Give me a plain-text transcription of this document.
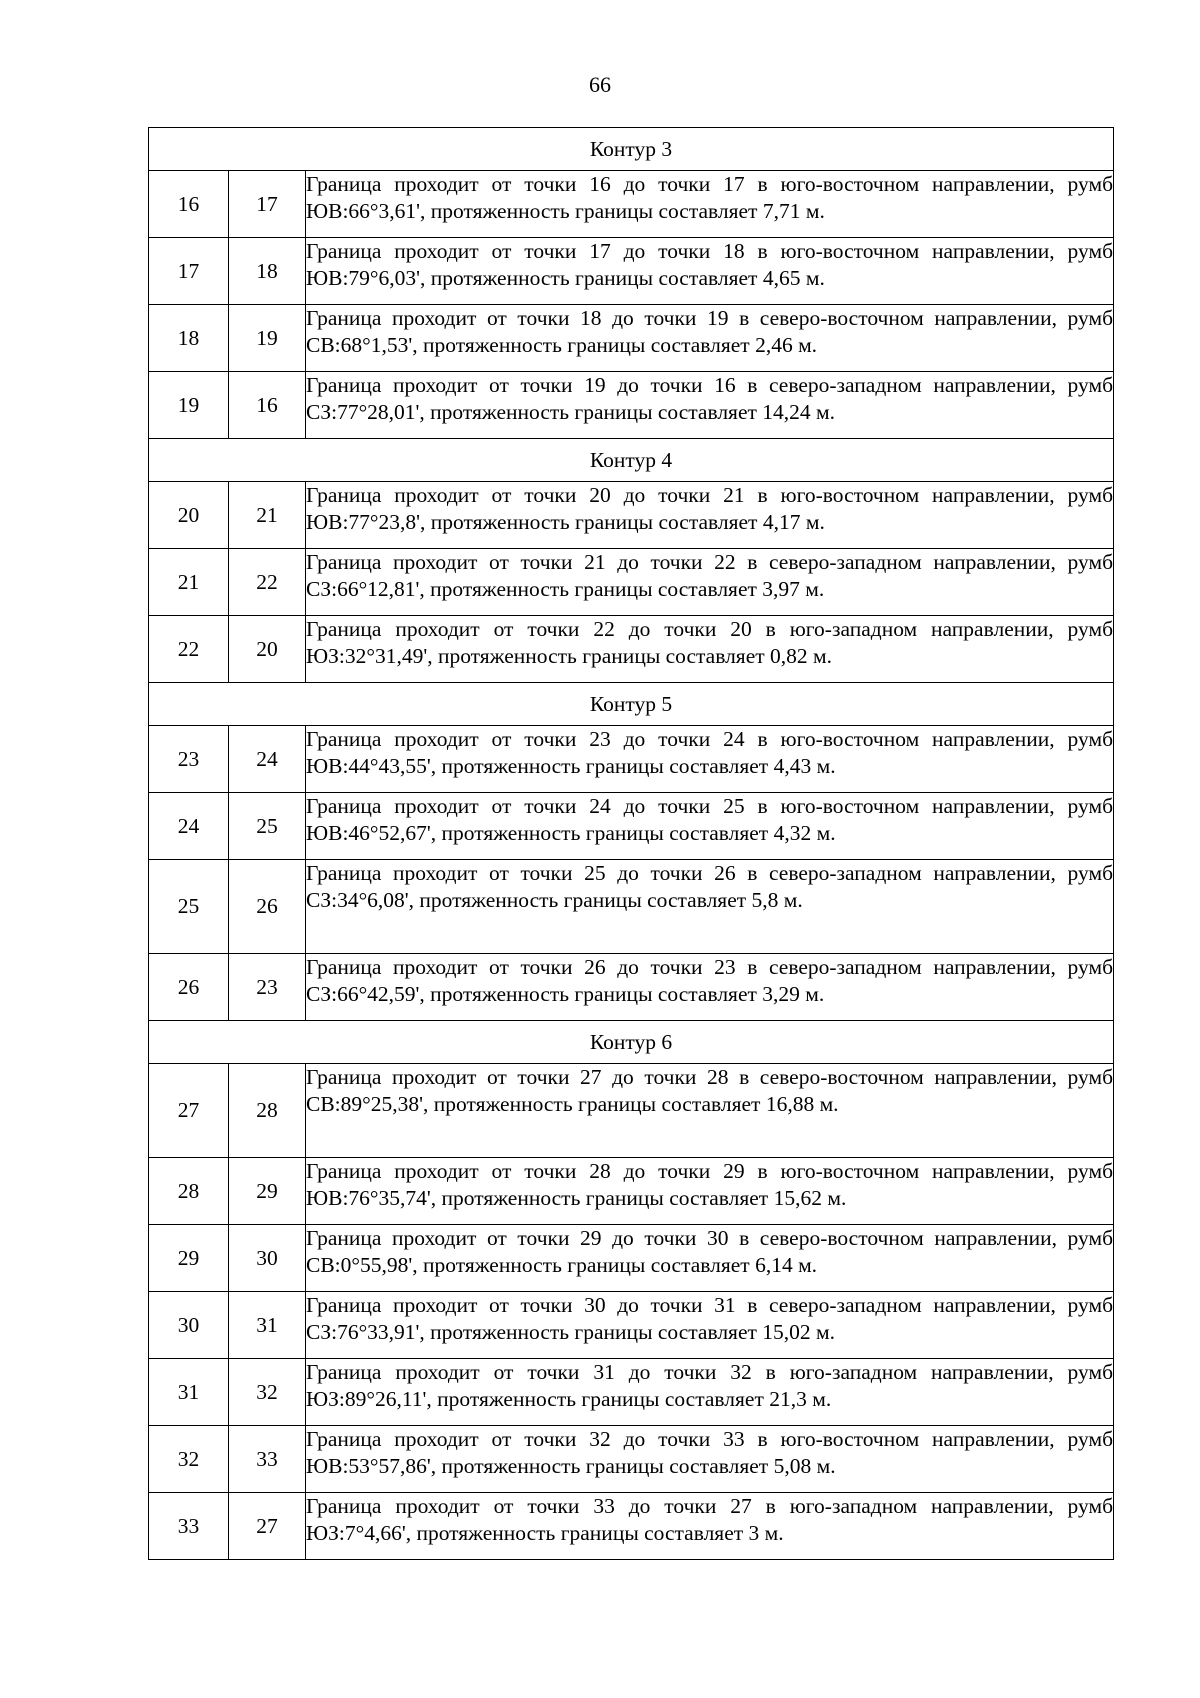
66
Контур 3		
16	17	Граница проходит от точки 16 до точки 17 в юго-восточном направлении, румб ЮВ:66°3,61', протяженность границы составляет 7,71 м.

17	18	Граница проходит от точки 17 до точки 18 в юго-восточном направлении, румб ЮВ:79°6,03', протяженность границы составляет 4,65 м.

18	19	Граница проходит от точки 18 до точки 19 в северо-восточном направлении, румб СВ:68°1,53', протяженность границы составляет 2,46 м.

19	16	Граница проходит от точки 19 до точки 16 в северо-западном направлении, румб СЗ:77°28,01', протяженность границы составляет 14,24 м.

Контур 4		
20	21	Граница проходит от точки 20 до точки 21 в юго-восточном направлении, румб ЮВ:77°23,8', протяженность границы составляет 4,17 м.

21	22	Граница проходит от точки 21 до точки 22 в северо-западном направлении, румб СЗ:66°12,81', протяженность границы составляет 3,97 м.

22	20	Граница проходит от точки 22 до точки 20 в юго-западном направлении, румб ЮЗ:32°31,49', протяженность границы составляет 0,82 м.

Контур 5		
23	24	Граница проходит от точки 23 до точки 24 в юго-восточном направлении, румб ЮВ:44°43,55', протяженность границы составляет 4,43 м.

24	25	Граница проходит от точки 24 до точки 25 в юго-восточном направлении, румб ЮВ:46°52,67', протяженность границы составляет 4,32 м.

25	26	Граница проходит от точки 25 до точки 26 в северо-западном направлении, румб СЗ:34°6,08', протяженность границы составляет 5,8 м.

26	23	Граница проходит от точки 26 до точки 23 в северо-западном направлении, румб СЗ:66°42,59', протяженность границы составляет 3,29 м.

Контур 6		
27	28	Граница проходит от точки 27 до точки 28 в северо-восточном направлении, румб СВ:89°25,38', протяженность границы составляет 16,88 м.

28	29	Граница проходит от точки 28 до точки 29 в юго-восточном направлении, румб ЮВ:76°35,74', протяженность границы составляет 15,62 м.

29	30	Граница проходит от точки 29 до точки 30 в северо-восточном направлении, румб СВ:0°55,98', протяженность границы составляет 6,14 м.

30	31	Граница проходит от точки 30 до точки 31 в северо-западном направлении, румб СЗ:76°33,91', протяженность границы составляет 15,02 м.

31	32	Граница проходит от точки 31 до точки 32 в юго-западном направлении, румб ЮЗ:89°26,11', протяженность границы составляет 21,3 м.

32	33	Граница проходит от точки 32 до точки 33 в юго-восточном направлении, румб ЮВ:53°57,86', протяженность границы составляет 5,08 м.

33	27	Граница проходит от точки 33 до точки 27 в юго-западном направлении, румб ЮЗ:7°4,66', протяженность границы составляет 3 м.
